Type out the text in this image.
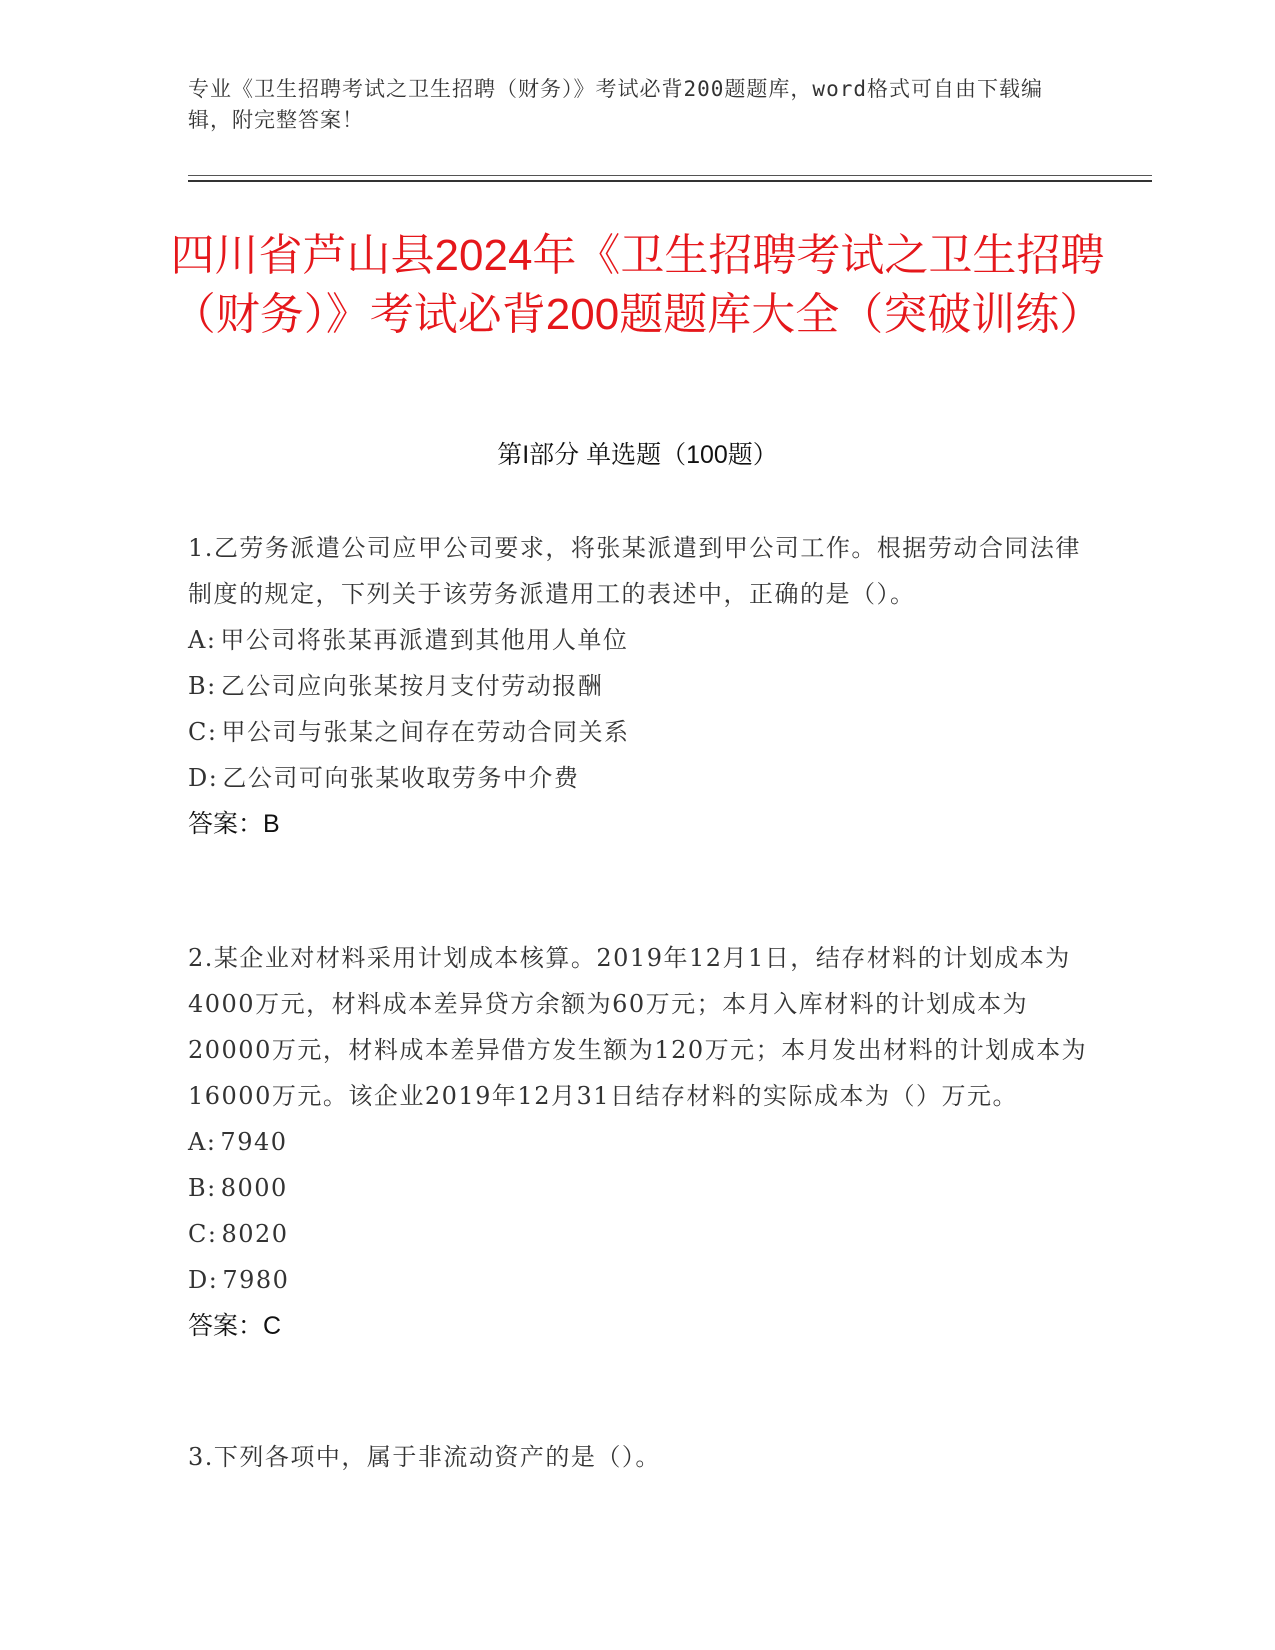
专业《卫生招聘考试之卫生招聘（财务）》考试必背200题题库，word格式可自由下载编辑，附完整答案！
四川省芦山县2024年《卫生招聘考试之卫生招聘（财务）》考试必背200题题库大全（突破训练）
第I部分 单选题（100题）
1.乙劳务派遣公司应甲公司要求，将张某派遣到甲公司工作。根据劳动合同法律制度的规定，下列关于该劳务派遣用工的表述中，正确的是（）。
A: 甲公司将张某再派遣到其他用人单位
B: 乙公司应向张某按月支付劳动报酬
C: 甲公司与张某之间存在劳动合同关系
D: 乙公司可向张某收取劳务中介费
答案：B
2.某企业对材料采用计划成本核算。2019年12月1日，结存材料的计划成本为4000万元，材料成本差异贷方余额为60万元；本月入库材料的计划成本为20000万元，材料成本差异借方发生额为120万元；本月发出材料的计划成本为16000万元。该企业2019年12月31日结存材料的实际成本为（）万元。
A: 7940
B: 8000
C: 8020
D: 7980
答案：C
3.下列各项中，属于非流动资产的是（）。
